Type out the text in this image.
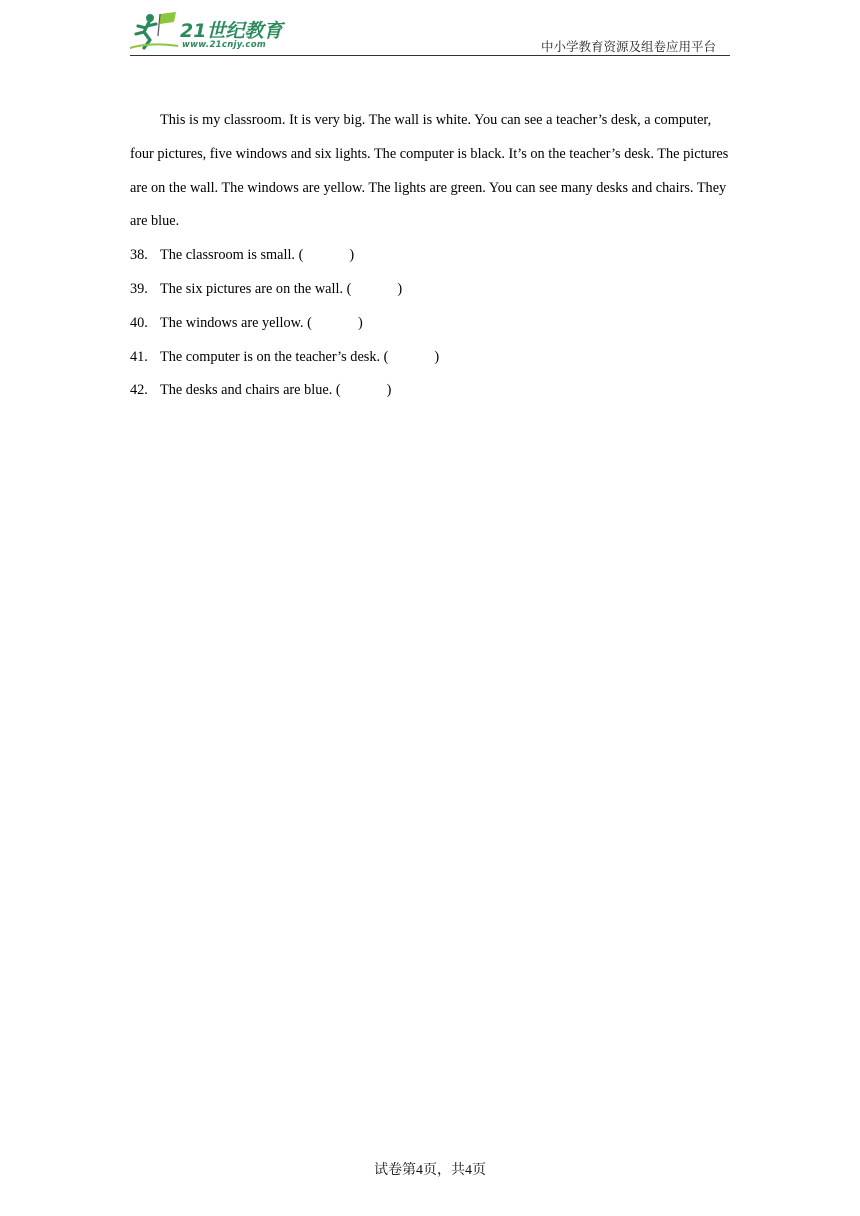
21世纪教育
www.21cnjy.com	中小学教育资源及组卷应用平台

This is my classroom. It is very big. The wall is white. You can see a teacher’s desk, a computer, four pictures, five windows and six lights. The computer is black. It’s on the teacher’s desk. The pictures are on the wall. The windows are yellow. The lights are green. You can see many desks and chairs. They are blue.

38. The classroom is small. (	)
39. The six pictures are on the wall. (	)
40. The windows are yellow. (	)
41. The computer is on the teacher’s desk. (	)
42. The desks and chairs are blue. (	)
试卷第4页，共4页
